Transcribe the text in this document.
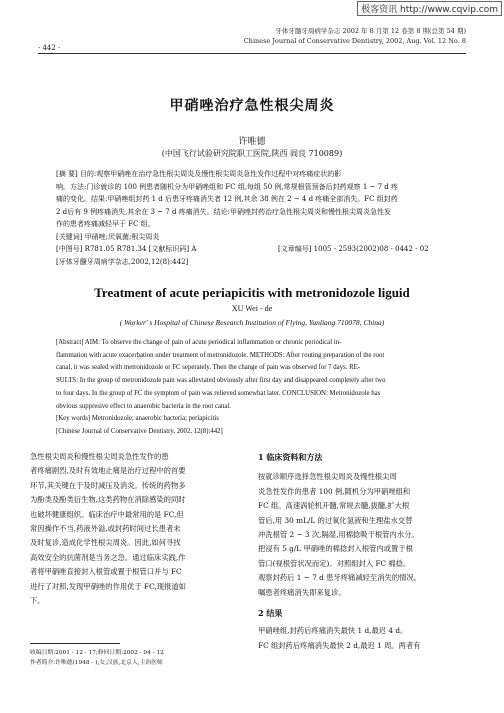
极客资讯 http://www.cqvip.com
牙体牙髓牙周病学杂志 2002 年 8 月第 12 卷第 8 期(总第 54 期)
Chinese Journal of Conservative Dentistry, 2002, Aug. Vol. 12 No. 8
· 442 ·
甲硝唑治疗急性根尖周炎
许唯德
(中国飞行试验研究院职工医院,陕西 阎良 710089)
[摘 要] 目的:观察甲硝唑在治疗急性根尖周炎及慢性根尖周炎急性发作过程中对疼痛症状的影
响。方法:门诊就诊的 100 例患者随机分为甲硝唑组和 FC 组,每组 50 例,常规根管预备后封药观察 1 ~ 7 d 疼
痛的变化。结果:甲硝唑组封药 1 d 后患牙疼痛消失者 12 例,其余 38 例在 2 ~ 4 d 疼痛全部消失。FC 组封药
2 d后有 9 例疼痛消失,其余在 3 ~ 7 d 疼痛消失。结论:甲硝唑封药治疗急性根尖周炎和慢性根尖周炎急性发
作的患者疼痛减轻早于 FC 组。
[关键词] 甲硝唑;厌氧菌;根尖周炎
[中图号] R781.05 R781.34 [文献标识码] A	[文章编号] 1005 - 2593(2002)08 - 0442 - 02
[牙体牙髓牙周病学杂志,2002,12(8):442]
Treatment of acute periapicitis with metronidozole liguid
XU Wei - de
( Worker' s Hospital of Chinese Research Institution of Flying, Yanliang 710078, China)
[Abstract] AIM: To observe the change of pain of acute periodical inflammation or chronic periodical in-
flammation with acute exacerbation under treatment of metronidozole. METHODS: After routing preparation of the root
canal, it was sealed with metronidozole or FC seperately. Then the change of pain was observed for 7 days. RE-
SULTS: In the group of metronidozole pain was alleviated obviously after first day and disappeared completely after two
to four days. In the group of FC the symptom of pain was relieved somewhat later. CONCLUSION: Metronidozole has
obvious suppresive effect to anaerobic bacteria in the root canal.
[Key words] Metronidozole; anaerobic bacteria; periapicitis
[Chinese Journal of Conservative Dentistry, 2002, 12(8):442]
急性根尖周炎和慢性根尖周炎急性发作的患
者疼痛剧烈,及时有效地止痛是治疗过程中的首要
环节,其关键在于及时减压及消炎。传统的药物多
为酚类及酚类衍生物,这类药物在消除感染的同时
也破坏健康组织。临床治疗中最常用的是 FC,但
常因操作不当,药液外溢,或封药时间过长患者未
及时复诊,造成化学性根尖周炎。因此,如何寻找
高效安全的抗菌剂是当务之急。通过临床实践,作
者将甲硝唑直接封入根管或置于根管口并与 FC
进行了对照,发现甲硝唑的作用优于 FC,现报道如
下。
1 临床资料和方法
按就诊顺序选择急性根尖周炎及慢性根尖周
炎急性发作的患者 100 例,随机分为甲硝唑组和
FC 组。高速涡轮机开髓,常规去髓,拔髓,扩大根
管后,用 30 mL/L 的过氧化氢液和生理盐水交替
冲洗根管 2 ~ 3 次,隔湿,用棉捻吸干根管内水分。
把浸有 5 g/L 甲硝唑的棉捻封入根管内或置于根
管口(视根管状况而定)。对照组封入 FC 棉捻。
观察封药后 1 ~ 7 d 患牙疼痛减轻至消失的情况。
嘱患者疼痛消失即来复诊。
2 结果
甲硝唑组,封药后疼痛消失最快 1 d,最迟 4 d。
FC 组封药后疼痛消失最快 2 d,最迟 1 周。两者有
收稿日期:2001 - 12 - 17;修回日期:2002 - 04 - 12
作者简介:许唯德(1948 - ),女,汉族,北京人,主治医师
